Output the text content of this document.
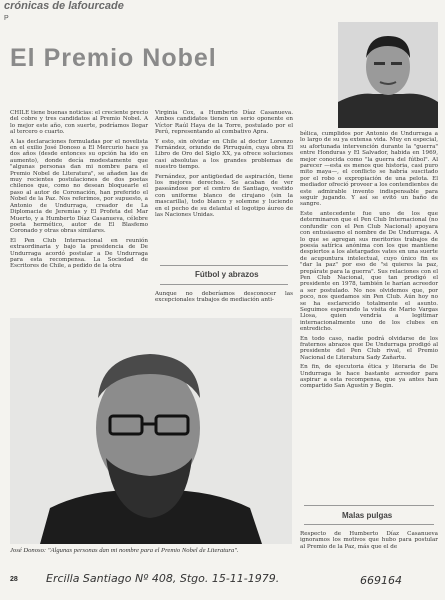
crónicas de lafourcade
P
El Premio Nobel

CHILE tiene buenas noticias: el creciente precio del cobre y tres candidatos al Premio Nobel. A lo mejor este año, con suerte, podríamos llegar al tercero o cuarto.

A las declaraciones formuladas por el novelista en el exilio José Donoso a El Mercurio hace ya dos años (desde entonces su opción ha ido en aumento), donde decía modestamente que "algunas personas dan mi nombre para el Premio Nobel de Literatura", se añaden las de muy recientes postulaciones de dos poetas chilenos que, como no desean bloquearle el paso al autor de Coronación, han preferido el Nobel de la Paz. Nos referimos, por supuesto, a Antonio de Undurraga, creador de La Diplomacia de Jeremías y El Profeta del Mar Muerto, y a Humberto Díaz Casanueva, célebre poeta hermético, autor de El Blasfemo Coronado y otras obras similares.

El Pen Club Internacional en reunión extraordinaria y bajo la presidencia de De Undurraga acordó postular a De Undurraga para esta recompensa. La Sociedad de Escritores de Chile, a pedido de la otra

Virginia Cox, a Humberto Díaz Casanueva. Ambos candidatos tienen un serio oponente en Víctor Raúl Haya de la Torre, postulado por el Perú, representando al combativo Apra.

Y esto, sin olvidar en Chile al doctor Lorenzo Fernández, oriundo de Pirruquén, cuya obra El Libro de Oro del Siglo XX, ya ofrece soluciones casi absolutas a los grandes problemas de nuestro tiempo.

Fernández, por antigüedad de aspiración, tiene los mejores derechos. Se acaban de ver paseándose por el centro de Santiago, vestido con uniforme blanco de cirujano (sin la mascarilla), todo blanco y solemne y luciendo en el pecho de su delantal el logotipo áureo de las Naciones Unidas.

Fútbol y abrazos

Aunque no deberíamos desconocer las excepcionales trabajos de mediación anti-

bélica, cumplidos por Antonio de Undurraga a lo largo de su ya extensa vida. Muy en especial, su afortunada intervención durante la "guerra" entre Honduras y El Salvador, habida en 1969, mejor conocida como "la guerra del fútbol". Al parecer —esta es menos que historia, casi puro mito maya—, el conflicto se habría suscitado por el robo o expropiación de una pelota. El mediador ofreció proveer a los contendientes de este admirable invento indispensable para seguir jugando. Y así se evitó un baño de sangre.

Este antecedente fue uno de los que determinaron que el Pen Club Internacional (no confundir con el Pen Club Nacional) apoyara con entusiasmo el nombre de De Undurraga. A lo que se agregan sus meritorios trabajos de poesía satírica anónima con los que mantiene despiertos a los aletargados vates en una suerte de acupuntura intelectual, cuyo único fin es "dar la paz" por eso de "si quieres la paz, prepárate para la guerra". Sus relaciones con el Pen Club Nacional, que tan prodigó el presidente en 1978, también le harían acreedor a ser postulado. No nos olvidemos que, por poco, nos quedamos sin Pen Club. Aún hoy no se ha esclarecido totalmente el asunto. Seguimos esperando la visita de Mario Vargas Llosa, quien vendría a legitimar internacionalmente uno de los clubes en entredicho.

En todo caso, nadie podrá olvidarse de los fraternos abrazos que De Undurraga prodigó al presidente del Pen Club rival, el Premio Nacional de Literatura Sady Zañartu.

En fin, de ejecutoria ética y literaria de De Undurraga le hace bastante acreedor para aspirar a esta recompensa, que ya antes han compartido San Agustín y Begin.

Malas pulgas

Respecto de Humberto Díaz Casanueva ignoramos los motivos que hubo para postular al Premio de la Paz, más que el de

José Donoso: "Algunas personas dan mi nombre para el Premio Nobel de Literatura".
28	Ercilla Santiago Nº 408, Stgo. 15-11-1979.	669164
